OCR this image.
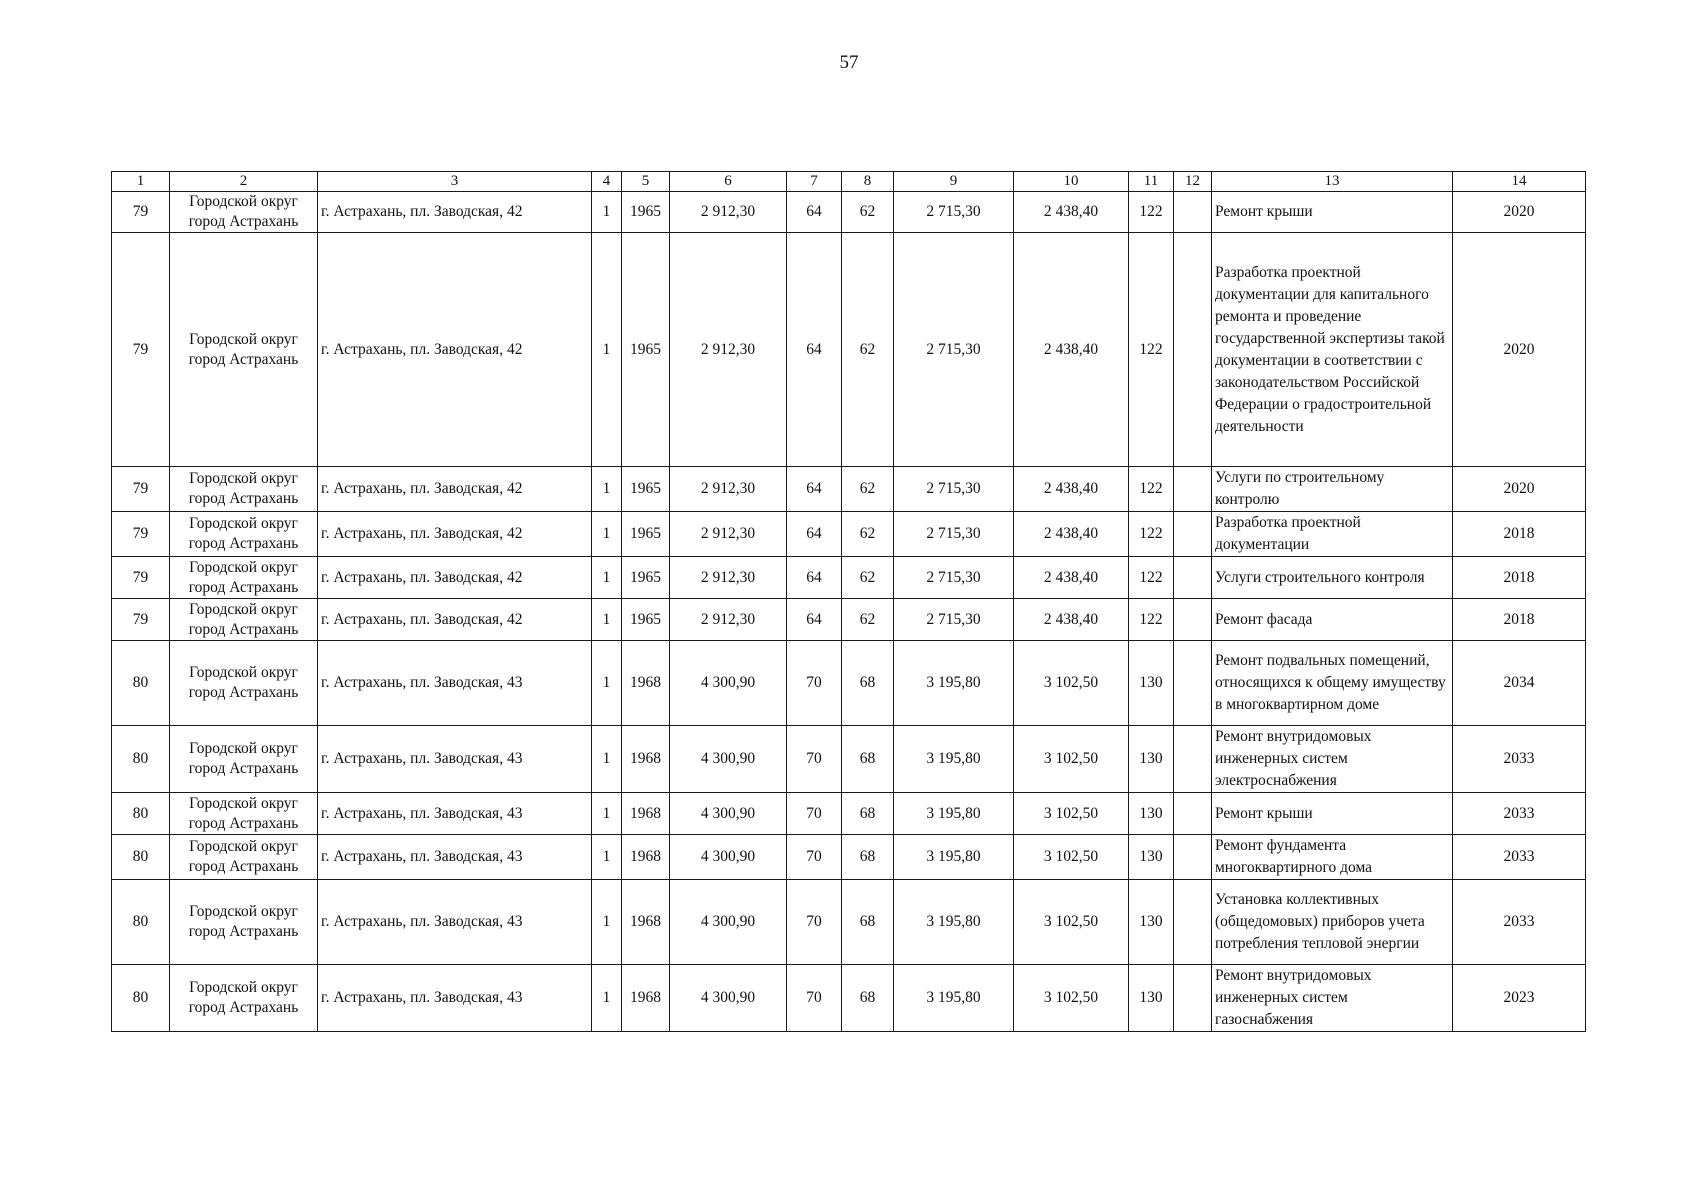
57
1	2	3	4	5	6	7	8	9	10	11	12	13	14
79	Городской округ город Астрахань	г. Астрахань, пл. Заводская, 42	1	1965	2 912,30	64	62	2 715,30	2 438,40	122		Ремонт крыши	2020
79	Городской округ город Астрахань	г. Астрахань, пл. Заводская, 42	1	1965	2 912,30	64	62	2 715,30	2 438,40	122		Разработка проектной документации для капитального ремонта и проведение государственной экспертизы такой документации в соответствии с законодательством Российской Федерации о градостроительной деятельности	2020
79	Городской округ город Астрахань	г. Астрахань, пл. Заводская, 42	1	1965	2 912,30	64	62	2 715,30	2 438,40	122		Услуги по строительному контролю	2020
79	Городской округ город Астрахань	г. Астрахань, пл. Заводская, 42	1	1965	2 912,30	64	62	2 715,30	2 438,40	122		Разработка проектной документации	2018
79	Городской округ город Астрахань	г. Астрахань, пл. Заводская, 42	1	1965	2 912,30	64	62	2 715,30	2 438,40	122		Услуги строительного контроля	2018
79	Городской округ город Астрахань	г. Астрахань, пл. Заводская, 42	1	1965	2 912,30	64	62	2 715,30	2 438,40	122		Ремонт фасада	2018
80	Городской округ город Астрахань	г. Астрахань, пл. Заводская, 43	1	1968	4 300,90	70	68	3 195,80	3 102,50	130		Ремонт подвальных помещений, относящихся к общему имуществу в многоквартирном доме	2034
80	Городской округ город Астрахань	г. Астрахань, пл. Заводская, 43	1	1968	4 300,90	70	68	3 195,80	3 102,50	130		Ремонт внутридомовых инженерных систем электроснабжения	2033
80	Городской округ город Астрахань	г. Астрахань, пл. Заводская, 43	1	1968	4 300,90	70	68	3 195,80	3 102,50	130		Ремонт крыши	2033
80	Городской округ город Астрахань	г. Астрахань, пл. Заводская, 43	1	1968	4 300,90	70	68	3 195,80	3 102,50	130		Ремонт фундамента многоквартирного дома	2033
80	Городской округ город Астрахань	г. Астрахань, пл. Заводская, 43	1	1968	4 300,90	70	68	3 195,80	3 102,50	130		Установка коллективных (общедомовых) приборов учета потребления тепловой энергии	2033
80	Городской округ город Астрахань	г. Астрахань, пл. Заводская, 43	1	1968	4 300,90	70	68	3 195,80	3 102,50	130		Ремонт внутридомовых инженерных систем газоснабжения	2023
